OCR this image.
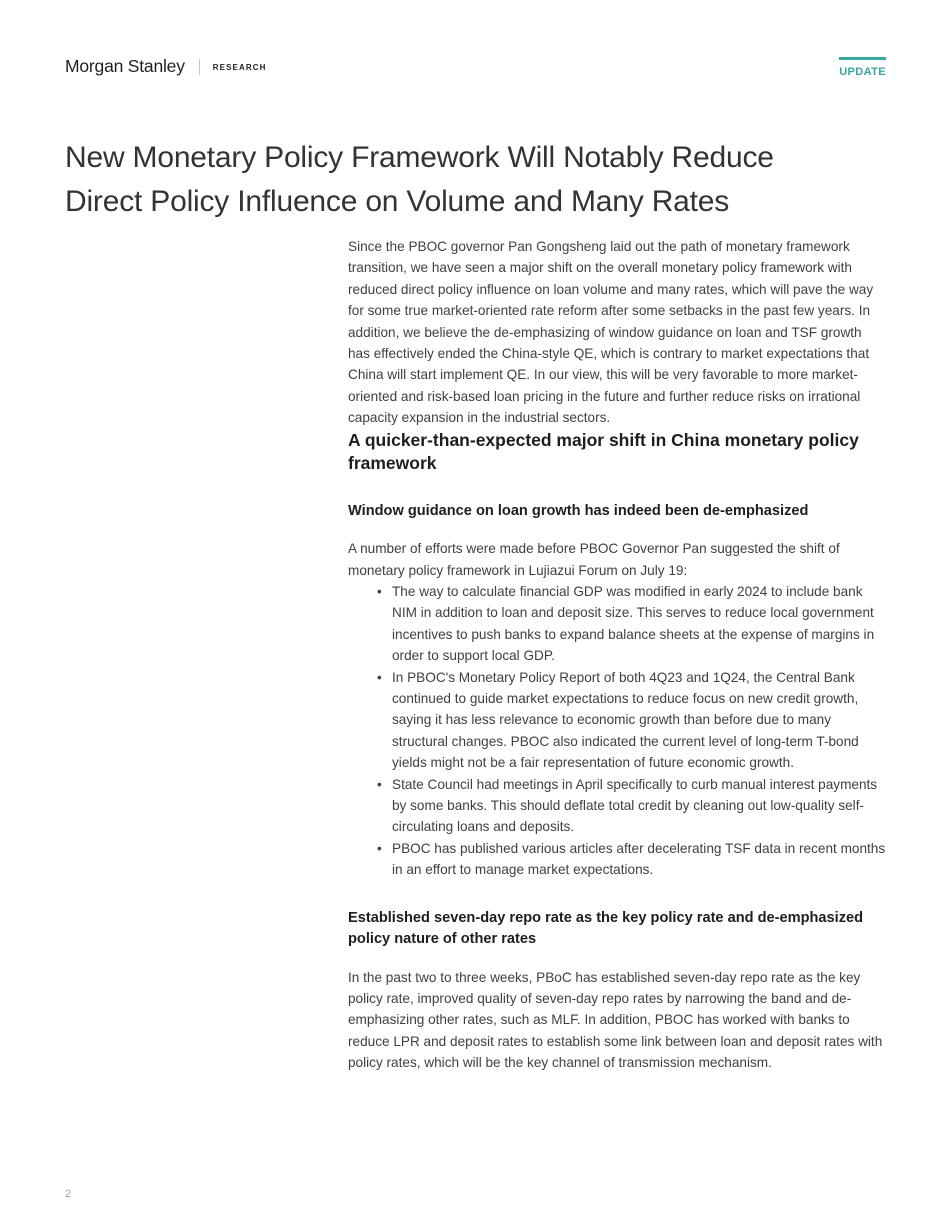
Morgan Stanley	RESEARCH	UPDATE
New Monetary Policy Framework Will Notably Reduce Direct Policy Influence on Volume and Many Rates

Since the PBOC governor Pan Gongsheng laid out the path of monetary framework transition, we have seen a major shift on the overall monetary policy framework with reduced direct policy influence on loan volume and many rates, which will pave the way for some true market-oriented rate reform after some setbacks in the past few years. In addition, we believe the de-emphasizing of window guidance on loan and TSF growth has effectively ended the China-style QE, which is contrary to market expectations that China will start implement QE. In our view, this will be very favorable to more market-oriented and risk-based loan pricing in the future and further reduce risks on irrational capacity expansion in the industrial sectors.

A quicker-than-expected major shift in China monetary policy framework
Window guidance on loan growth has indeed been de-emphasized

A number of efforts were made before PBOC Governor Pan suggested the shift of monetary policy framework in Lujiazui Forum on July 19:

• The way to calculate financial GDP was modified in early 2024 to include bank NIM in addition to loan and deposit size. This serves to reduce local government incentives to push banks to expand balance sheets at the expense of margins in order to support local GDP.
• In PBOC's Monetary Policy Report of both 4Q23 and 1Q24, the Central Bank continued to guide market expectations to reduce focus on new credit growth, saying it has less relevance to economic growth than before due to many structural changes. PBOC also indicated the current level of long-term T-bond yields might not be a fair representation of future economic growth.
• State Council had meetings in April specifically to curb manual interest payments by some banks. This should deflate total credit by cleaning out low-quality self-circulating loans and deposits.
• PBOC has published various articles after decelerating TSF data in recent months in an effort to manage market expectations.
Established seven-day repo rate as the key policy rate and de-emphasized policy nature of other rates

In the past two to three weeks, PBoC has established seven-day repo rate as the key policy rate, improved quality of seven-day repo rates by narrowing the band and de-emphasizing other rates, such as MLF. In addition, PBOC has worked with banks to reduce LPR and deposit rates to establish some link between loan and deposit rates with policy rates, which will be the key channel of transmission mechanism.

2
